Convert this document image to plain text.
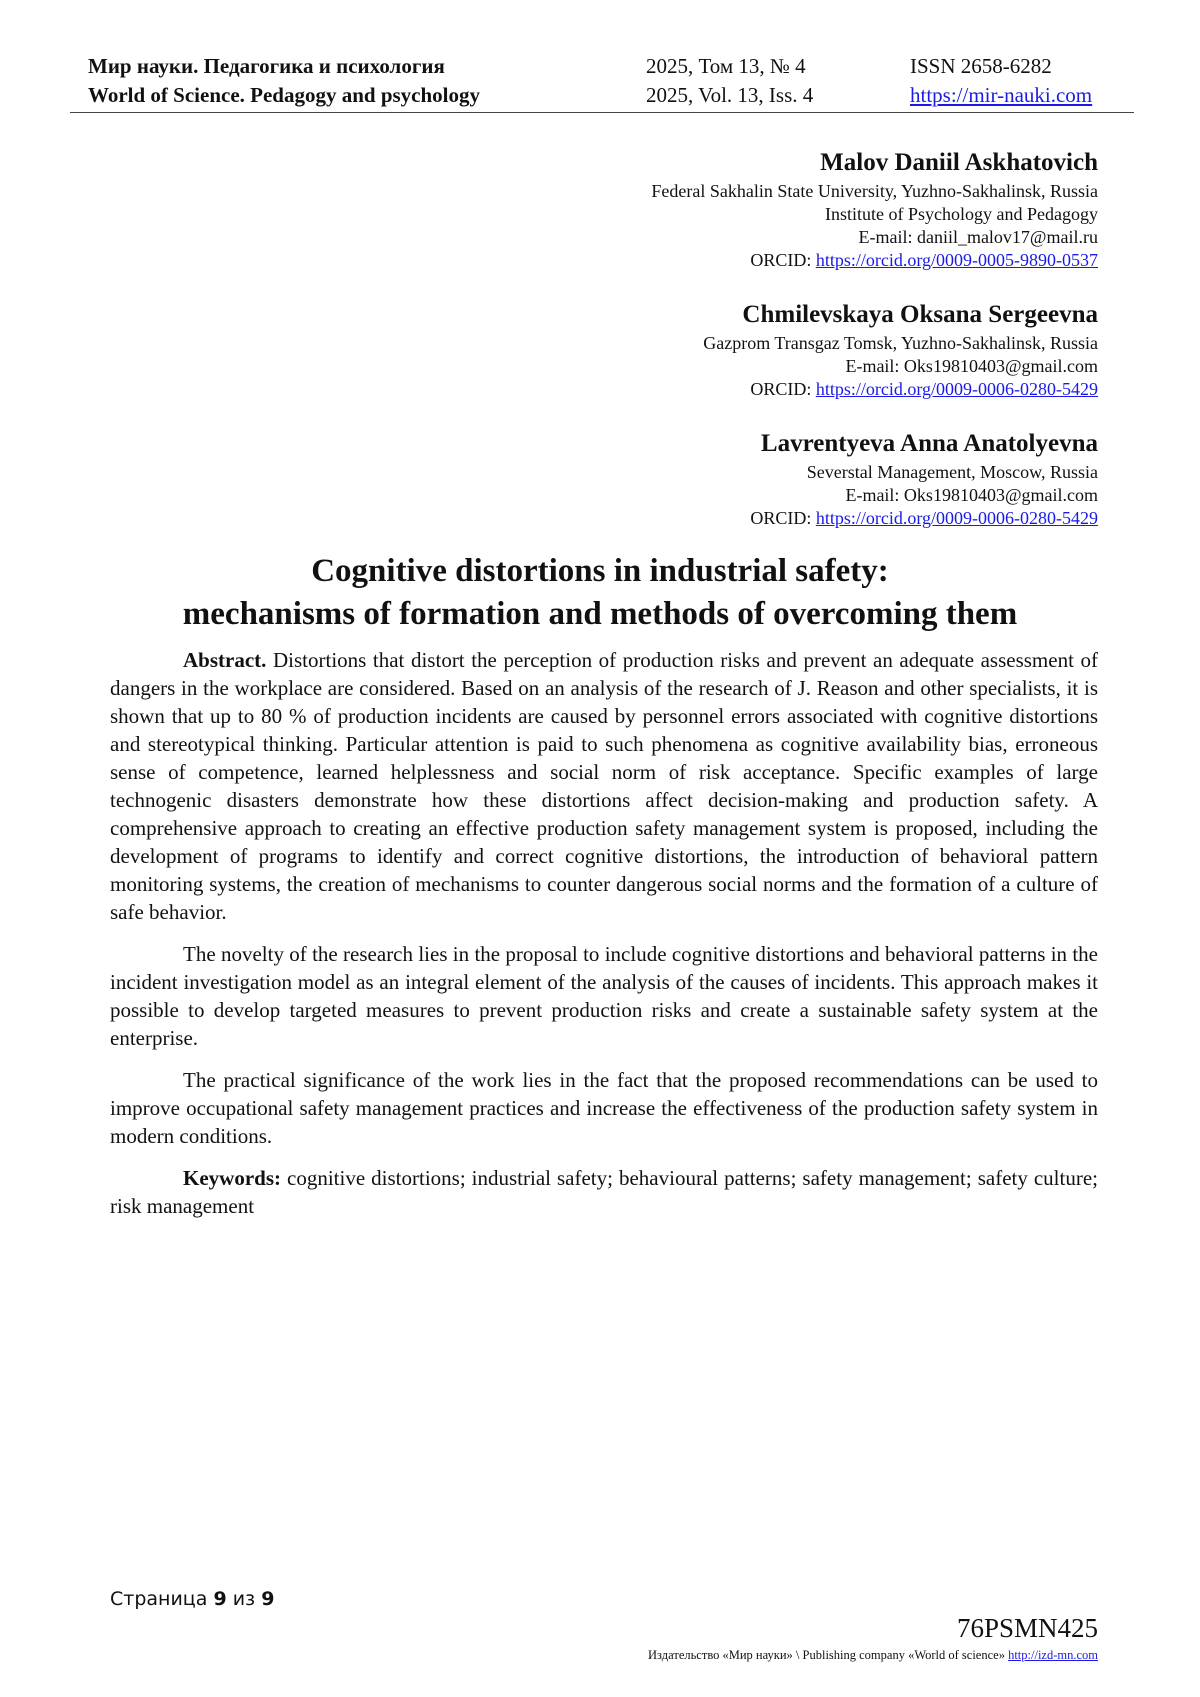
Мир науки. Педагогика и психология	2025, Том 13, № 4	ISSN 2658-6282
World of Science. Pedagogy and psychology	2025, Vol. 13, Iss. 4	https://mir-nauki.com
Malov Daniil Askhatovich
Federal Sakhalin State University, Yuzhno-Sakhalinsk, Russia
Institute of Psychology and Pedagogy
E-mail: daniil_malov17@mail.ru
ORCID: https://orcid.org/0009-0005-9890-0537
Chmilevskaya Oksana Sergeevna
Gazprom Transgaz Tomsk, Yuzhno-Sakhalinsk, Russia
E-mail: Oks19810403@gmail.com
ORCID: https://orcid.org/0009-0006-0280-5429
Lavrentyeva Anna Anatolyevna
Severstal Management, Moscow, Russia
E-mail: Oks19810403@gmail.com
ORCID: https://orcid.org/0009-0006-0280-5429
Cognitive distortions in industrial safety:
mechanisms of formation and methods of overcoming them

Abstract. Distortions that distort the perception of production risks and prevent an adequate assessment of dangers in the workplace are considered. Based on an analysis of the research of J. Reason and other specialists, it is shown that up to 80 % of production incidents are caused by personnel errors associated with cognitive distortions and stereotypical thinking. Particular attention is paid to such phenomena as cognitive availability bias, erroneous sense of competence, learned helplessness and social norm of risk acceptance. Specific examples of large technogenic disasters demonstrate how these distortions affect decision-making and production safety. A comprehensive approach to creating an effective production safety management system is proposed, including the development of programs to identify and correct cognitive distortions, the introduction of behavioral pattern monitoring systems, the creation of mechanisms to counter dangerous social norms and the formation of a culture of safe behavior.

The novelty of the research lies in the proposal to include cognitive distortions and behavioral patterns in the incident investigation model as an integral element of the analysis of the causes of incidents. This approach makes it possible to develop targeted measures to prevent production risks and create a sustainable safety system at the enterprise.

The practical significance of the work lies in the fact that the proposed recommendations can be used to improve occupational safety management practices and increase the effectiveness of the production safety system in modern conditions.

Keywords: cognitive distortions; industrial safety; behavioural patterns; safety management; safety culture; risk management

Страница 9 из 9
76PSMN425
Издательство «Мир науки» \ Publishing company «World of science» http://izd-mn.com
